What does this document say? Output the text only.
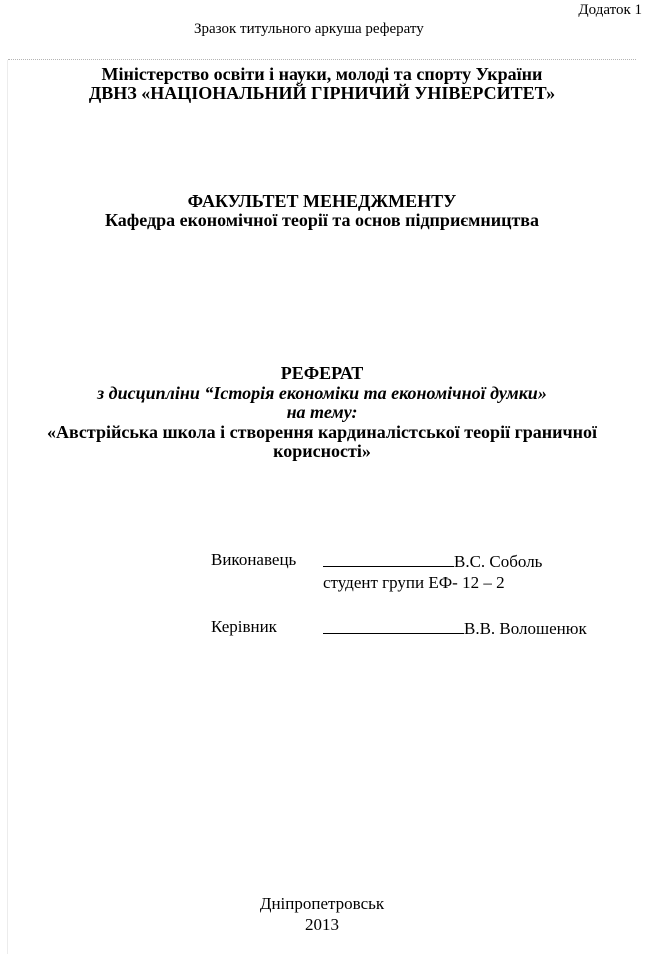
Додаток 1
Зразок титульного аркуша реферату
Міністерство освіти і науки, молоді та спорту України
ДВНЗ «НАЦІОНАЛЬНИЙ ГІРНИЧИЙ УНІВЕРСИТЕТ»
ФАКУЛЬТЕТ МЕНЕДЖМЕНТУ
Кафедра економічної теорії та основ підприємництва
РЕФЕРАТ
з дисципліни “Історія економіки та економічної думки»
на тему:
«Австрійська школа і створення кардиналістської теорії граничної
корисності»
Виконавець	В.С. Соболь
студент групи ЕФ- 12 – 2
Керівник	В.В. Волошенюк
Дніпропетровськ
2013
